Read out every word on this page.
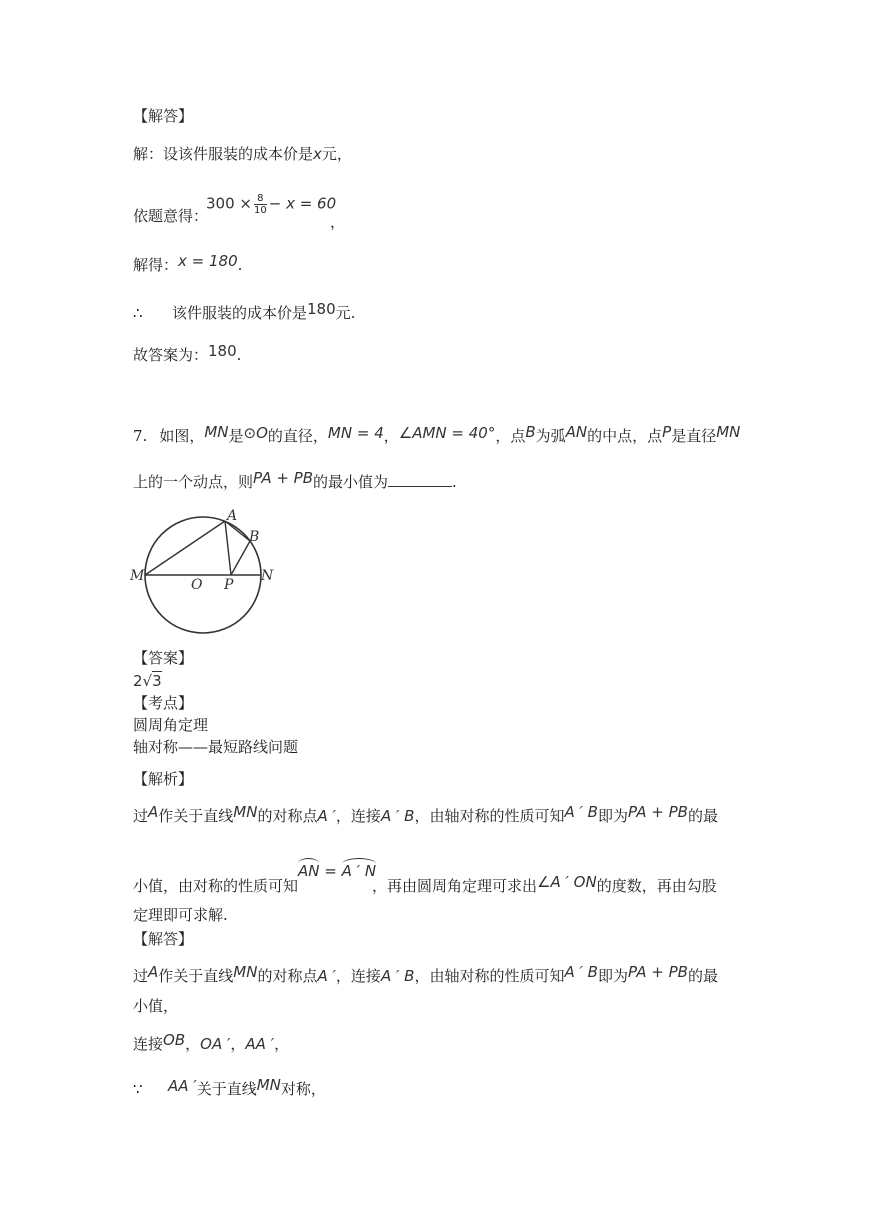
【解答】
解：设该件服装的成本价是x元，
依题意得：
$300 \times \frac{8}{10} - x = 60$
，
解得：x = 180.
∴ 该件服装的成本价是180元.
故答案为：180.
7. 如图，MN是⊙O的直径，MN = 4，∠AMN = 40°，点B为弧AN的中点，点P是直径MN
上的一个动点，则PA + PB的最小值为	.
A
B
M
O P
N
【答案】
2√3
【考点】
圆周角定理
轴对称——最短路线问题
【解析】
过A作关于直线MN的对称点A ′，连接A ′ B，由轴对称的性质可知A ′ B即为PA + PB的最
小值，由对称的性质可知
AN = A ′ N
，再由圆周角定理可求出∠A ′ ON的度数，再由勾股
定理即可求解.
【解答】
过A作关于直线MN的对称点A ′，连接A ′ B，由轴对称的性质可知A ′ B即为PA + PB的最
小值，
连接OB，OA ′，AA ′，
∵ AA ′关于直线MN对称，
